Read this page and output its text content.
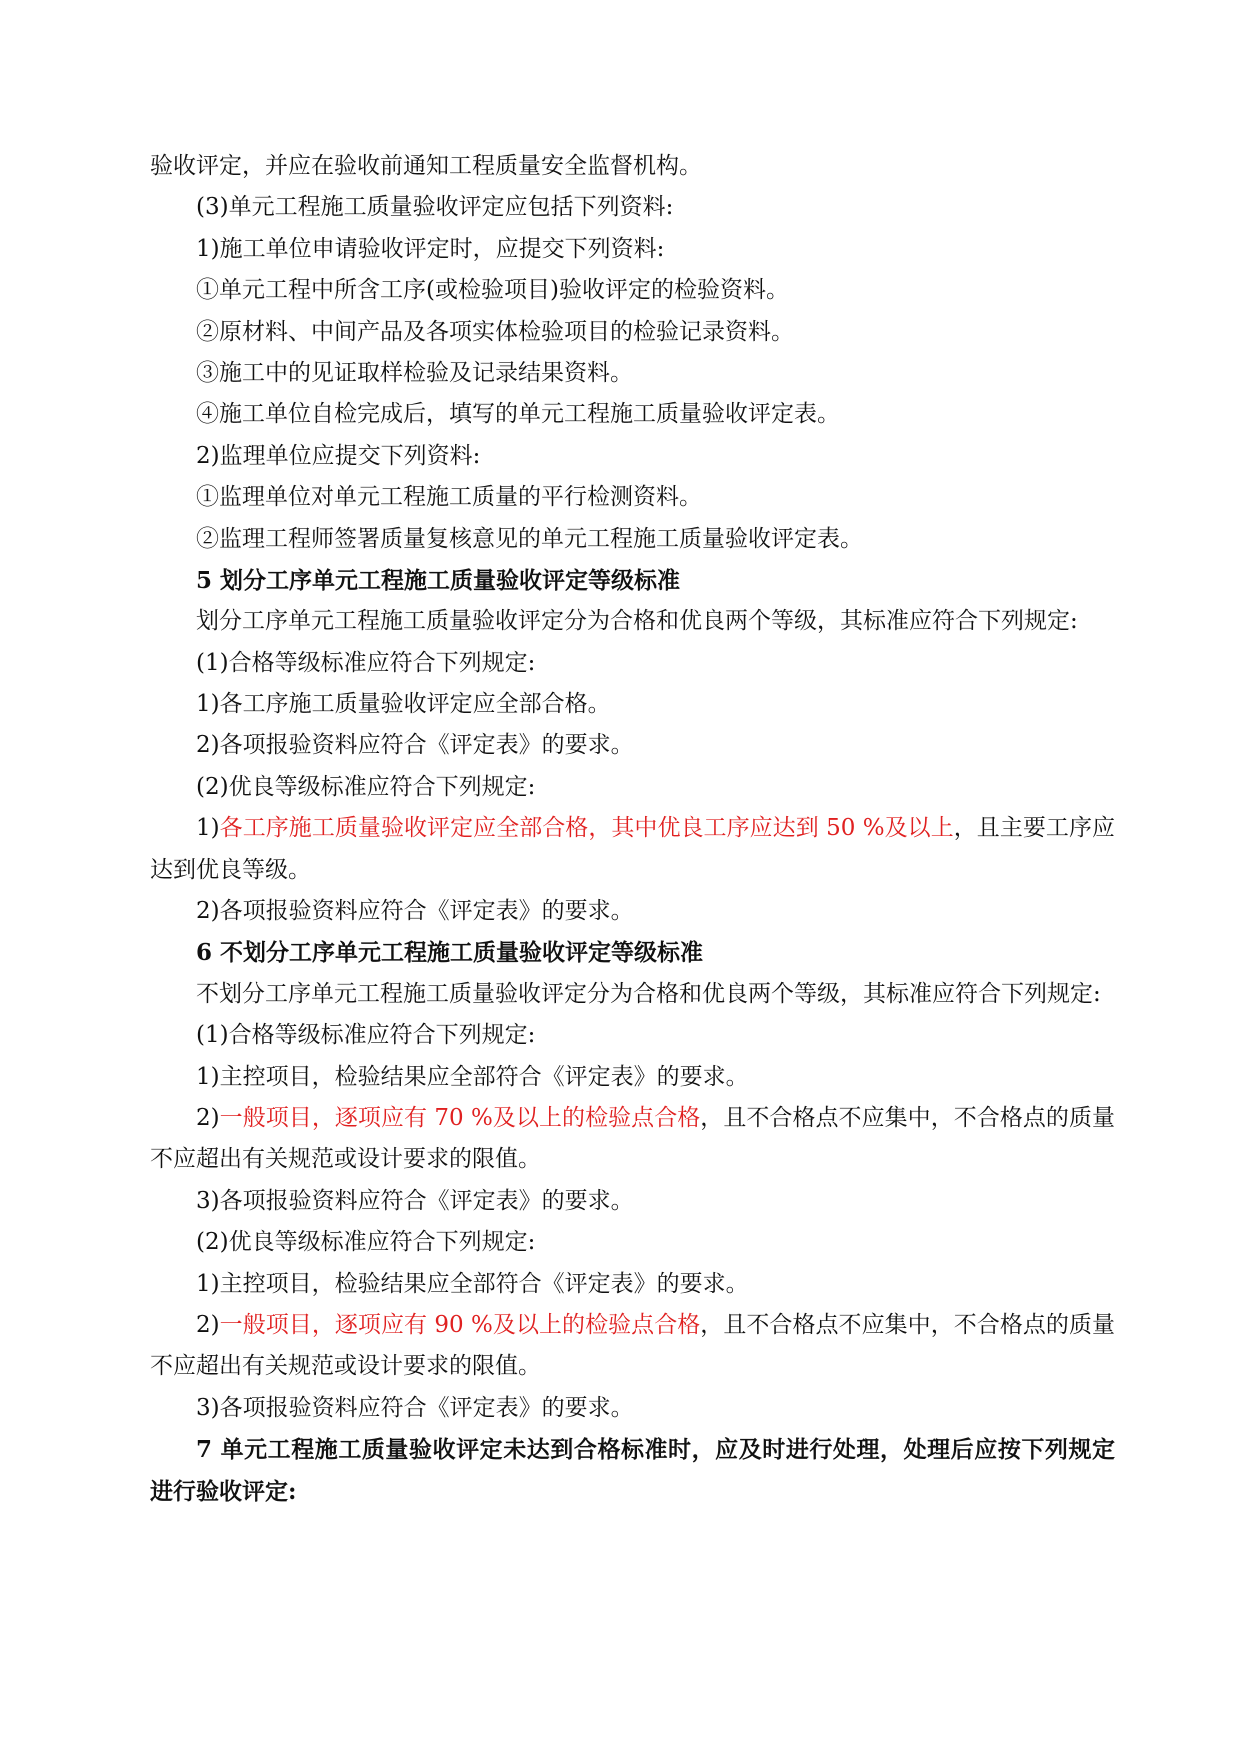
验收评定，并应在验收前通知工程质量安全监督机构。

(3)单元工程施工质量验收评定应包括下列资料:

1)施工单位申请验收评定时，应提交下列资料:

①单元工程中所含工序(或检验项目)验收评定的检验资料。

②原材料、中间产品及各项实体检验项目的检验记录资料。

③施工中的见证取样检验及记录结果资料。

④施工单位自检完成后，填写的单元工程施工质量验收评定表。

2)监理单位应提交下列资料:

①监理单位对单元工程施工质量的平行检测资料。

②监理工程师签署质量复核意见的单元工程施工质量验收评定表。

5 划分工序单元工程施工质量验收评定等级标准

划分工序单元工程施工质量验收评定分为合格和优良两个等级，其标准应符合下列规定:

(1)合格等级标准应符合下列规定:

1)各工序施工质量验收评定应全部合格。

2)各项报验资料应符合《评定表》的要求。

(2)优良等级标准应符合下列规定:

1)各工序施工质量验收评定应全部合格，其中优良工序应达到 50 %及以上，且主要工序应达到优良等级。

2)各项报验资料应符合《评定表》的要求。

6 不划分工序单元工程施工质量验收评定等级标准

不划分工序单元工程施工质量验收评定分为合格和优良两个等级，其标准应符合下列规定:

(1)合格等级标准应符合下列规定:

1)主控项目，检验结果应全部符合《评定表》的要求。

2)一般项目，逐项应有 70 %及以上的检验点合格，且不合格点不应集中，不合格点的质量不应超出有关规范或设计要求的限值。

3)各项报验资料应符合《评定表》的要求。

(2)优良等级标准应符合下列规定:

1)主控项目，检验结果应全部符合《评定表》的要求。

2)一般项目，逐项应有 90 %及以上的检验点合格，且不合格点不应集中，不合格点的质量不应超出有关规范或设计要求的限值。

3)各项报验资料应符合《评定表》的要求。

7 单元工程施工质量验收评定未达到合格标准时，应及时进行处理，处理后应按下列规定进行验收评定:
